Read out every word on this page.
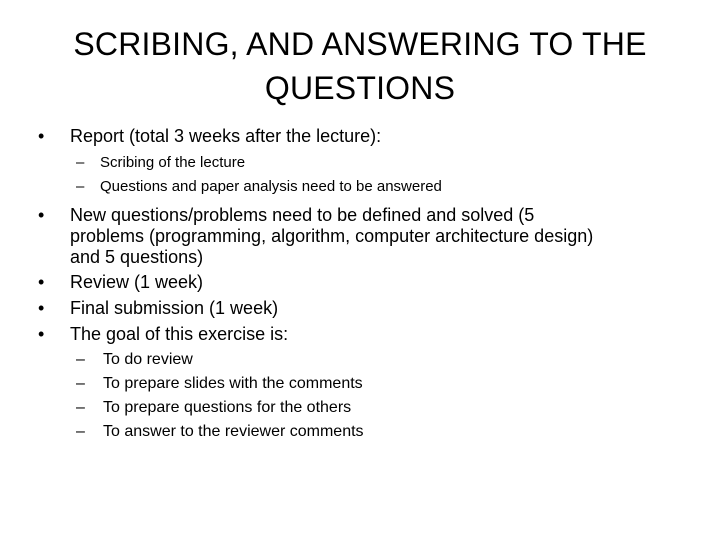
SCRIBING, AND ANSWERING TO THE
QUESTIONS
• Report (total 3 weeks after the lecture):
– Scribing of the lecture
– Questions and paper analysis need to be answered
• New questions/problems need to be defined and solved (5
problems (programming, algorithm, computer architecture design)
and 5 questions)
• Review (1 week)
• Final submission (1 week)
• The goal of this exercise is:
– To do review
– To prepare slides with the comments
– To prepare questions for the others
– To answer to the reviewer comments
